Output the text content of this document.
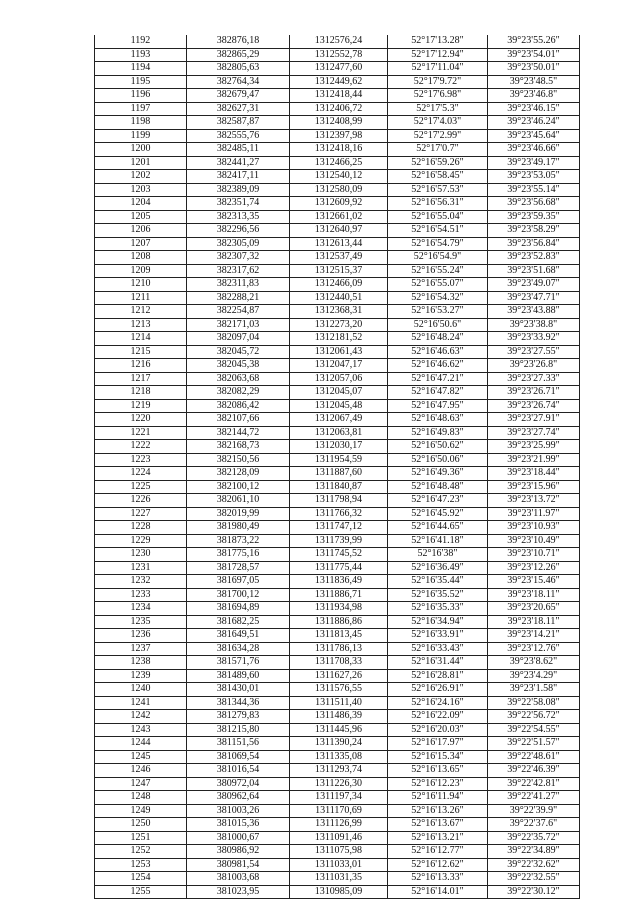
1192	382876,18	1312576,24	52°17'13.28"	39°23'55.26"
1193	382865,29	1312552,78	52°17'12.94"	39°23'54.01"
1194	382805,63	1312477,60	52°17'11.04"	39°23'50.01"
1195	382764,34	1312449,62	52°17'9.72"	39°23'48.5"
1196	382679,47	1312418,44	52°17'6.98"	39°23'46.8"
1197	382627,31	1312406,72	52°17'5.3"	39°23'46.15"
1198	382587,87	1312408,99	52°17'4.03"	39°23'46.24"
1199	382555,76	1312397,98	52°17'2.99"	39°23'45.64"
1200	382485,11	1312418,16	52°17'0.7"	39°23'46.66"
1201	382441,27	1312466,25	52°16'59.26"	39°23'49.17"
1202	382417,11	1312540,12	52°16'58.45"	39°23'53.05"
1203	382389,09	1312580,09	52°16'57.53"	39°23'55.14"
1204	382351,74	1312609,92	52°16'56.31"	39°23'56.68"
1205	382313,35	1312661,02	52°16'55.04"	39°23'59.35"
1206	382296,56	1312640,97	52°16'54.51"	39°23'58.29"
1207	382305,09	1312613,44	52°16'54.79"	39°23'56.84"
1208	382307,32	1312537,49	52°16'54.9"	39°23'52.83"
1209	382317,62	1312515,37	52°16'55.24"	39°23'51.68"
1210	382311,83	1312466,09	52°16'55.07"	39°23'49.07"
1211	382288,21	1312440,51	52°16'54.32"	39°23'47.71"
1212	382254,87	1312368,31	52°16'53.27"	39°23'43.88"
1213	382171,03	1312273,20	52°16'50.6"	39°23'38.8"
1214	382097,04	1312181,52	52°16'48.24"	39°23'33.92"
1215	382045,72	1312061,43	52°16'46.63"	39°23'27.55"
1216	382045,38	1312047,17	52°16'46.62"	39°23'26.8"
1217	382063,68	1312057,06	52°16'47.21"	39°23'27.33"
1218	382082,29	1312045,07	52°16'47.82"	39°23'26.71"
1219	382086,42	1312045,48	52°16'47.95"	39°23'26.74"
1220	382107,66	1312067,49	52°16'48.63"	39°23'27.91"
1221	382144,72	1312063,81	52°16'49.83"	39°23'27.74"
1222	382168,73	1312030,17	52°16'50.62"	39°23'25.99"
1223	382150,56	1311954,59	52°16'50.06"	39°23'21.99"
1224	382128,09	1311887,60	52°16'49.36"	39°23'18.44"
1225	382100,12	1311840,87	52°16'48.48"	39°23'15.96"
1226	382061,10	1311798,94	52°16'47.23"	39°23'13.72"
1227	382019,99	1311766,32	52°16'45.92"	39°23'11.97"
1228	381980,49	1311747,12	52°16'44.65"	39°23'10.93"
1229	381873,22	1311739,99	52°16'41.18"	39°23'10.49"
1230	381775,16	1311745,52	52°16'38"	39°23'10.71"
1231	381728,57	1311775,44	52°16'36.49"	39°23'12.26"
1232	381697,05	1311836,49	52°16'35.44"	39°23'15.46"
1233	381700,12	1311886,71	52°16'35.52"	39°23'18.11"
1234	381694,89	1311934,98	52°16'35.33"	39°23'20.65"
1235	381682,25	1311886,86	52°16'34.94"	39°23'18.11"
1236	381649,51	1311813,45	52°16'33.91"	39°23'14.21"
1237	381634,28	1311786,13	52°16'33.43"	39°23'12.76"
1238	381571,76	1311708,33	52°16'31.44"	39°23'8.62"
1239	381489,60	1311627,26	52°16'28.81"	39°23'4.29"
1240	381430,01	1311576,55	52°16'26.91"	39°23'1.58"
1241	381344,36	1311511,40	52°16'24.16"	39°22'58.08"
1242	381279,83	1311486,39	52°16'22.09"	39°22'56.72"
1243	381215,80	1311445,96	52°16'20.03"	39°22'54.55"
1244	381151,56	1311390,24	52°16'17.97"	39°22'51.57"
1245	381069,54	1311335,08	52°16'15.34"	39°22'48.61"
1246	381016,54	1311293,74	52°16'13.65"	39°22'46.39"
1247	380972,04	1311226,30	52°16'12.23"	39°22'42.81"
1248	380962,64	1311197,34	52°16'11.94"	39°22'41.27"
1249	381003,26	1311170,69	52°16'13.26"	39°22'39.9"
1250	381015,36	1311126,99	52°16'13.67"	39°22'37.6"
1251	381000,67	1311091,46	52°16'13.21"	39°22'35.72"
1252	380986,92	1311075,98	52°16'12.77"	39°22'34.89"
1253	380981,54	1311033,01	52°16'12.62"	39°22'32.62"
1254	381003,68	1311031,35	52°16'13.33"	39°22'32.55"
1255	381023,95	1310985,09	52°16'14.01"	39°22'30.12"
